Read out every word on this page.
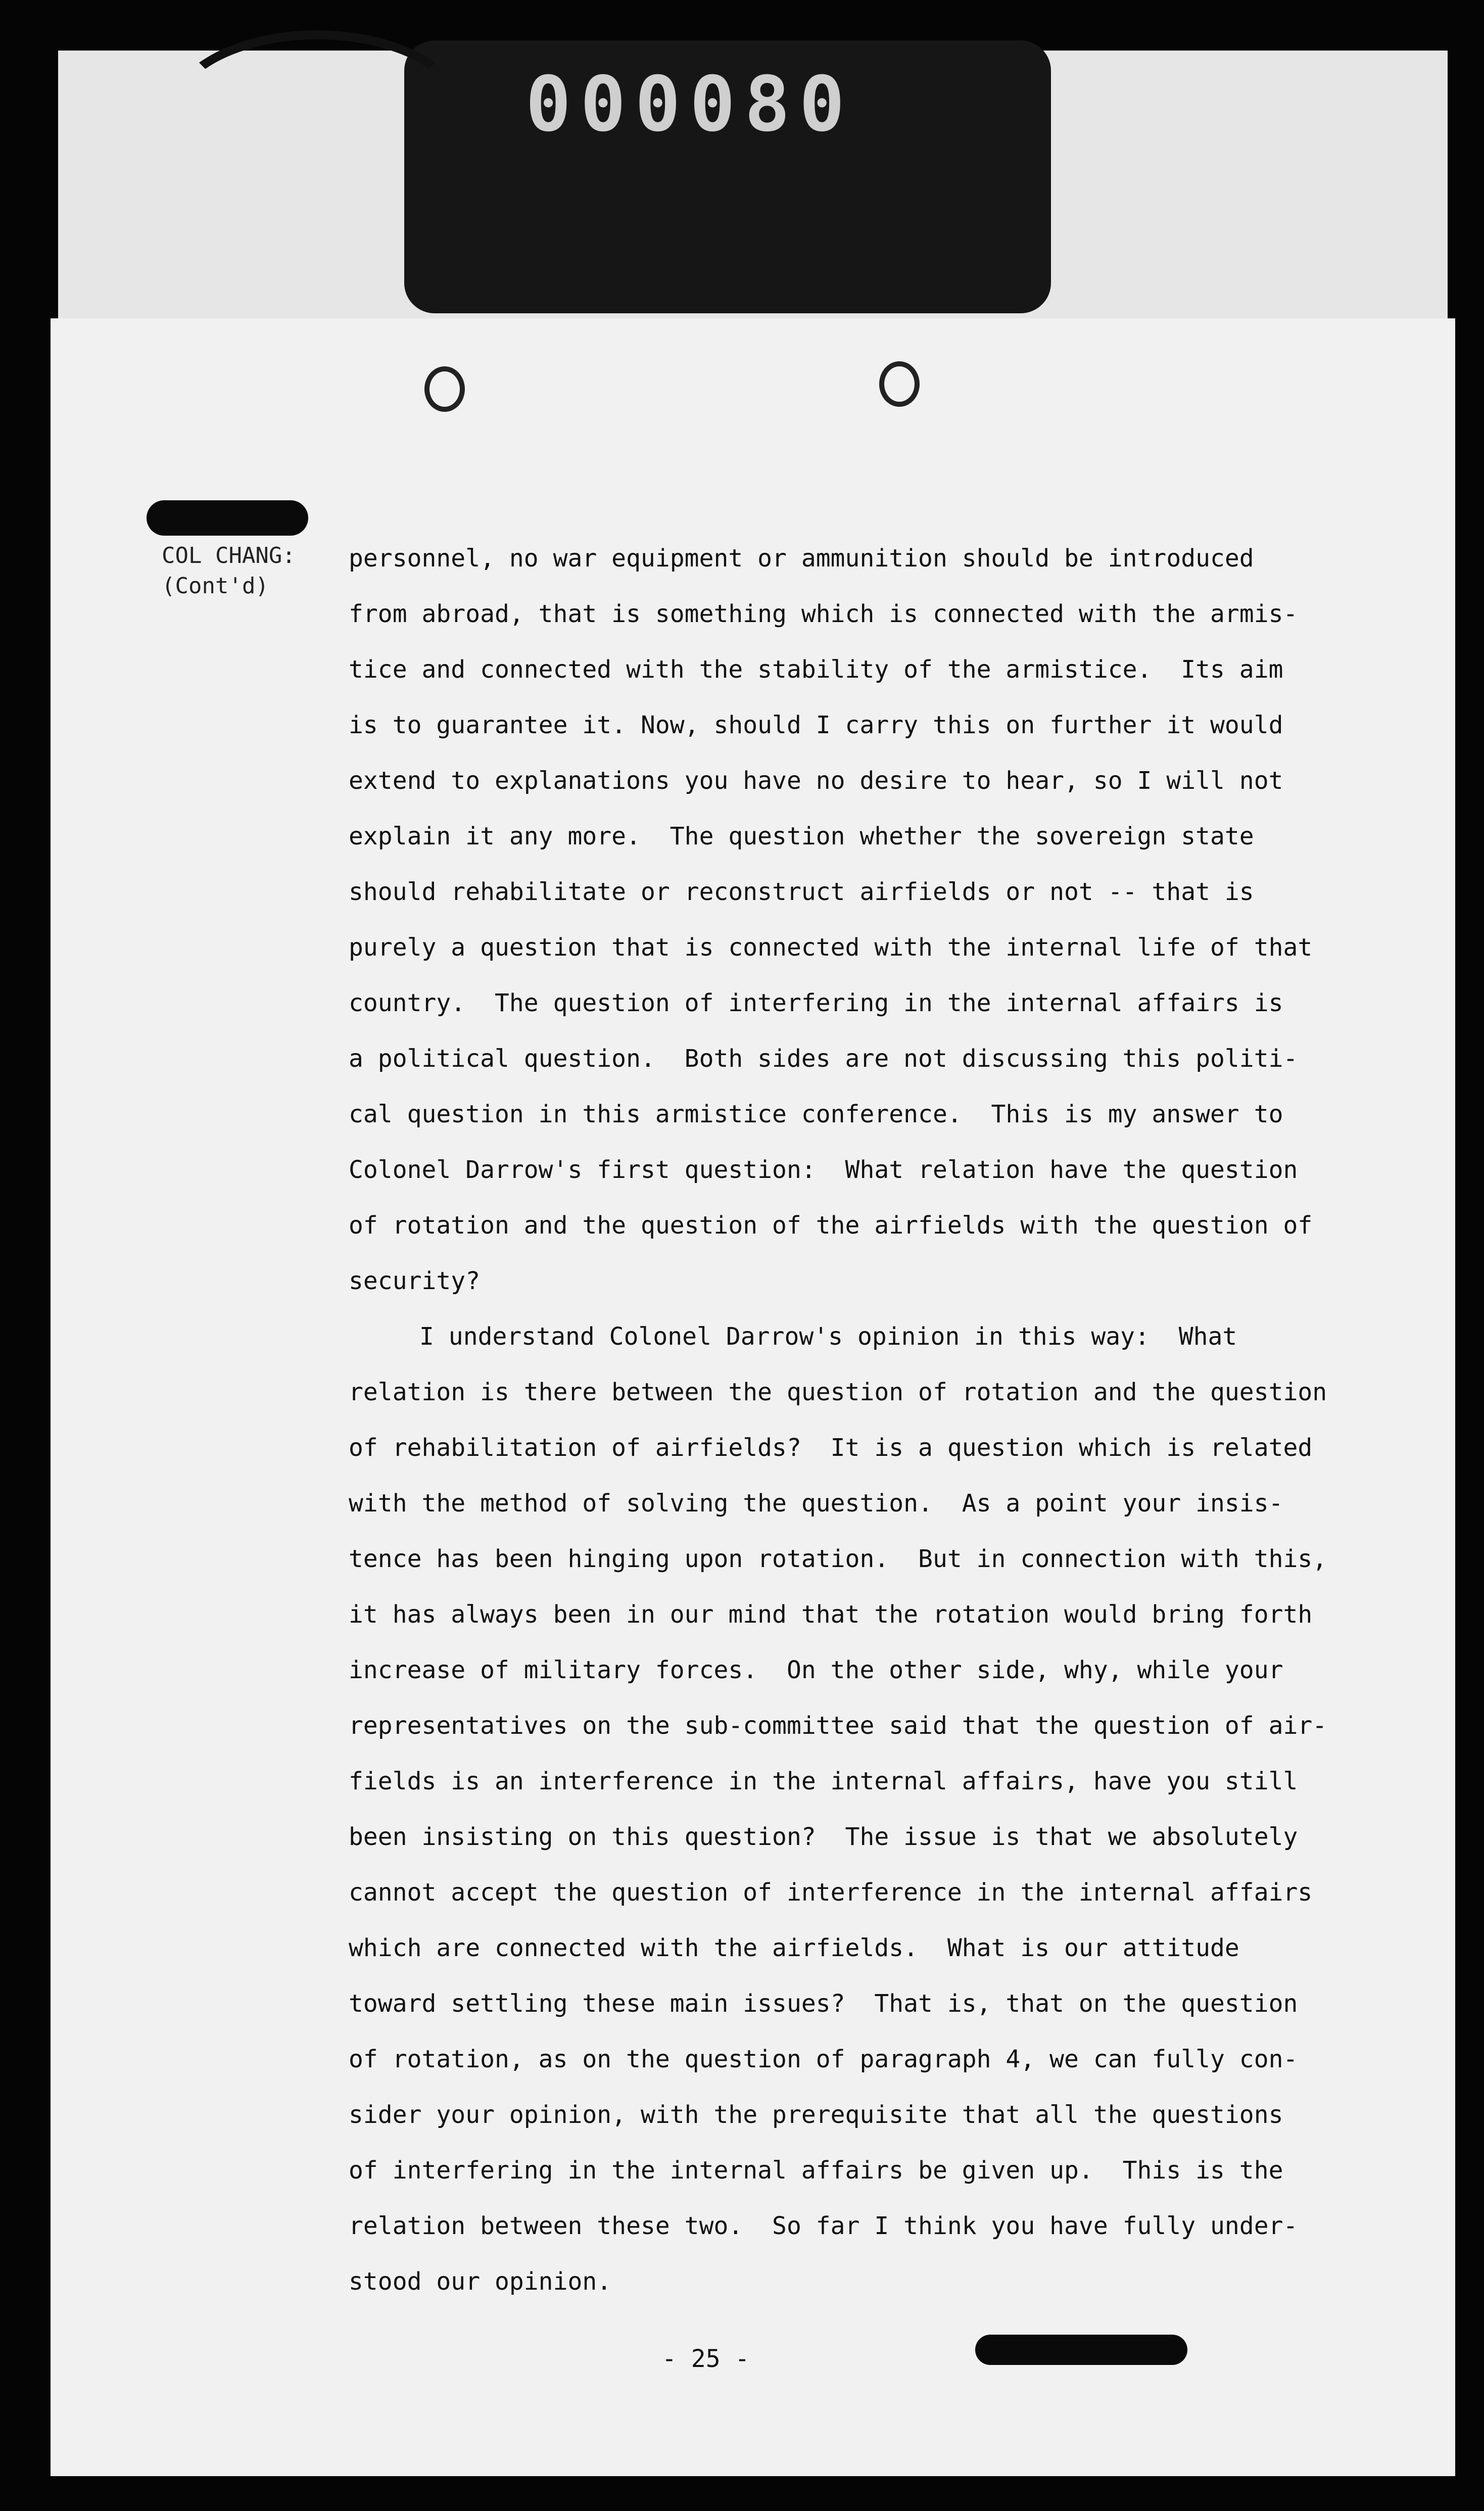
000080
COL CHANG:
(Cont'd)
personnel, no war equipment or ammunition should be introduced
from abroad, that is something which is connected with the armis-
tice and connected with the stability of the armistice.  Its aim
is to guarantee it. Now, should I carry this on further it would
extend to explanations you have no desire to hear, so I will not
explain it any more.  The question whether the sovereign state
should rehabilitate or reconstruct airfields or not -- that is
purely a question that is connected with the internal life of that
country.  The question of interfering in the internal affairs is
a political question.  Both sides are not discussing this politi-
cal question in this armistice conference.  This is my answer to
Colonel Darrow's first question:  What relation have the question
of rotation and the question of the airfields with the question of
security?
I understand Colonel Darrow's opinion in this way:  What
relation is there between the question of rotation and the question
of rehabilitation of airfields?  It is a question which is related
with the method of solving the question.  As a point your insis-
tence has been hinging upon rotation.  But in connection with this,
it has always been in our mind that the rotation would bring forth
increase of military forces.  On the other side, why, while your
representatives on the sub-committee said that the question of air-
fields is an interference in the internal affairs, have you still
been insisting on this question?  The issue is that we absolutely
cannot accept the question of interference in the internal affairs
which are connected with the airfields.  What is our attitude
toward settling these main issues?  That is, that on the question
of rotation, as on the question of paragraph 4, we can fully con-
sider your opinion, with the prerequisite that all the questions
of interfering in the internal affairs be given up.  This is the
relation between these two.  So far I think you have fully under-
stood our opinion.
- 25 -
